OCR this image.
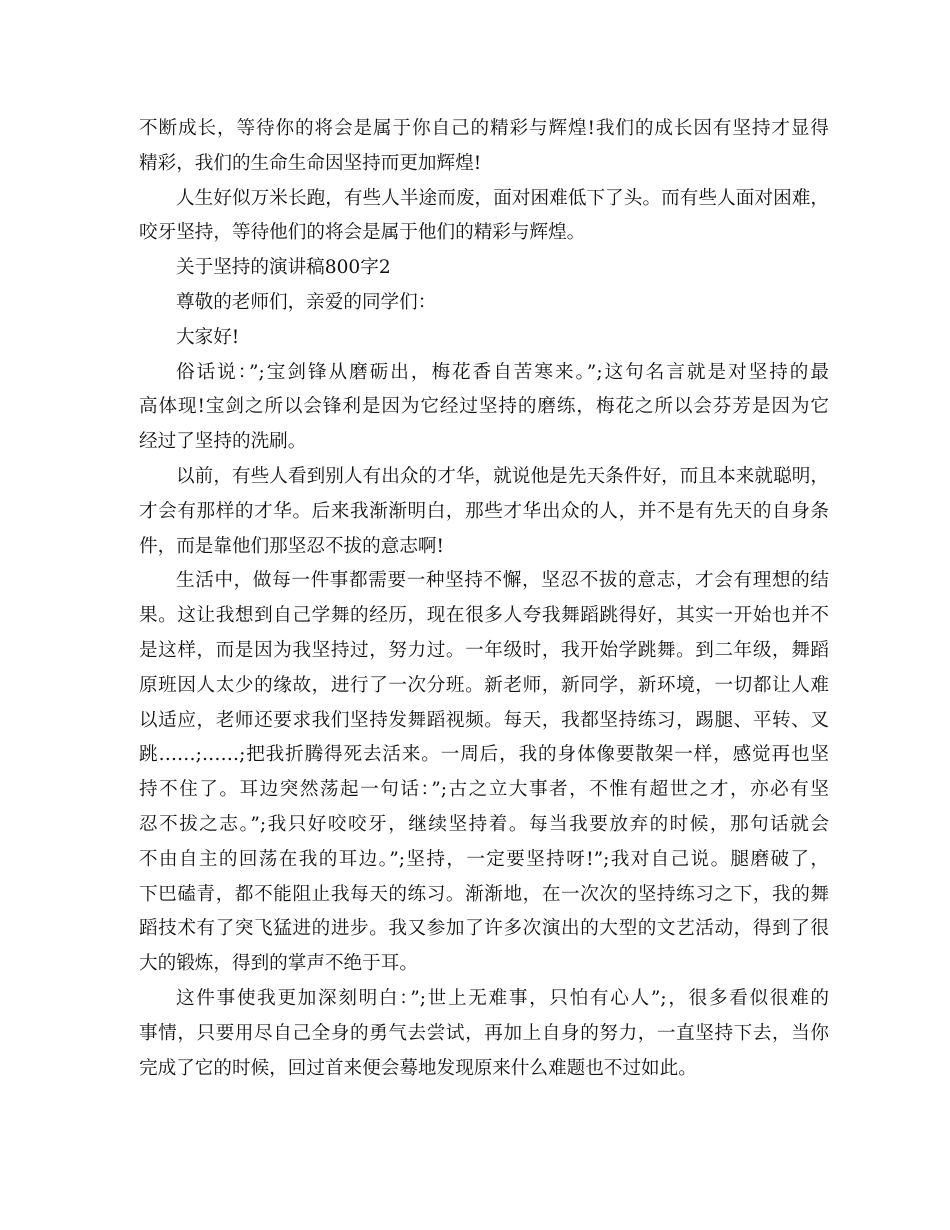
不断成长，等待你的将会是属于你自己的精彩与辉煌!我们的成长因有坚持才显得
精彩，我们的生命生命因坚持而更加辉煌!
人生好似万米长跑，有些人半途而废，面对困难低下了头。而有些人面对困难，
咬牙坚持，等待他们的将会是属于他们的精彩与辉煌。
关于坚持的演讲稿800字2
尊敬的老师们，亲爱的同学们：
大家好!
俗话说：”;宝剑锋从磨砺出，梅花香自苦寒来。”;这句名言就是对坚持的最
高体现!宝剑之所以会锋利是因为它经过坚持的磨练，梅花之所以会芬芳是因为它
经过了坚持的洗刷。
以前，有些人看到别人有出众的才华，就说他是先天条件好，而且本来就聪明，
才会有那样的才华。后来我渐渐明白，那些才华出众的人，并不是有先天的自身条
件，而是靠他们那坚忍不拔的意志啊!
生活中，做每一件事都需要一种坚持不懈，坚忍不拔的意志，才会有理想的结
果。这让我想到自己学舞的经历，现在很多人夸我舞蹈跳得好，其实一开始也并不
是这样，而是因为我坚持过，努力过。一年级时，我开始学跳舞。到二年级，舞蹈
原班因人太少的缘故，进行了一次分班。新老师，新同学，新环境，一切都让人难
以适应，老师还要求我们坚持发舞蹈视频。每天，我都坚持练习，踢腿、平转、叉
跳……;……;把我折腾得死去活来。一周后，我的身体像要散架一样，感觉再也坚
持不住了。耳边突然荡起一句话：”;古之立大事者，不惟有超世之才，亦必有坚
忍不拔之志。”;我只好咬咬牙，继续坚持着。每当我要放弃的时候，那句话就会
不由自主的回荡在我的耳边。”;坚持，一定要坚持呀!”;我对自己说。腿磨破了，
下巴磕青，都不能阻止我每天的练习。渐渐地，在一次次的坚持练习之下，我的舞
蹈技术有了突飞猛进的进步。我又参加了许多次演出的大型的文艺活动，得到了很
大的锻炼，得到的掌声不绝于耳。
这件事使我更加深刻明白：”;世上无难事，只怕有心人”;，很多看似很难的
事情，只要用尽自己全身的勇气去尝试，再加上自身的努力，一直坚持下去，当你
完成了它的时候，回过首来便会蓦地发现原来什么难题也不过如此。
